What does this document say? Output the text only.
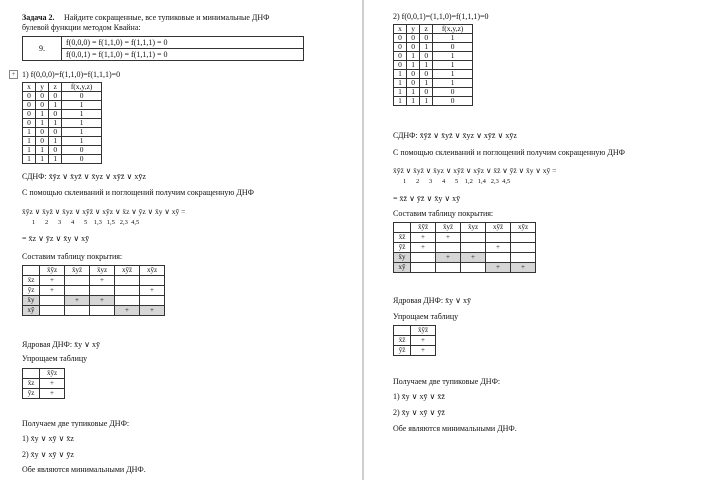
Задача 2. Найдите сокращенные, все тупиковые и минимальные ДНФ
булевой функции методом Квайна:
9.	f(0,0,0) = f(1,1,0) = f(1,1,1) = 0
f(0,0,1) = f(1,1,0) = f(1,1,1) = 0
+ 1) f(0,0,0)=f(1,1,0)=f(1,1,1)=0
x	y	z	f(x,y,z)
0	0	0	0
0	0	1	1
0	1	0	1
0	1	1	1
1	0	0	1
1	0	1	1
1	1	0	0
1	1	1	0
СДНФ: x̄ȳz ∨ x̄yz̄ ∨ x̄yz ∨ xȳz̄ ∨ xȳz
С помощью склеиваний и поглощений получим сокращенную ДНФ
x̄ȳz ∨ x̄yz̄ ∨ x̄yz ∨ xȳz̄ ∨ xȳz ∨ x̄z ∨ ȳz ∨ x̄y ∨ xȳ =
1      2      3      4      5    1,3   1,5   2,3  4,5
= x̄z ∨ ȳz ∨ x̄y ∨ xȳ
Составим таблицу покрытия:
	x̄ȳz	x̄yz̄	x̄yz	xȳz̄	xȳz
x̄z	+		+		
ȳz	+				+
x̄y		+	+		
xȳ				+	+
Ядровая ДНФ: x̄y ∨ xȳ
Упрощаем таблицу
	x̄ȳz
x̄z	+
ȳz	+
Получаем две тупиковые ДНФ:
1) x̄y ∨ xȳ ∨ x̄z
2) x̄y ∨ xȳ ∨ ȳz
Обе являются минимальными ДНФ.
2) f(0,0,1)=(1,1,0)=f(1,1,1)=0
x	y	z	f(x,y,z)
0	0	0	1
0	0	1	0
0	1	0	1
0	1	1	1
1	0	0	1
1	0	1	1
1	1	0	0
1	1	1	0
СДНФ: x̄ȳz̄ ∨ x̄yz̄ ∨ x̄yz ∨ xȳz̄ ∨ xȳz
С помощью склеиваний и поглощений получим сокращенную ДНФ
x̄ȳz̄ ∨ x̄yz̄ ∨ x̄yz ∨ xȳz̄ ∨ xȳz ∨ x̄z̄ ∨ ȳz̄ ∨ x̄y ∨ xȳ =
1      2      3      4      5    1,2   1,4   2,3  4,5
= x̄z̄ ∨ ȳz̄ ∨ x̄y ∨ xȳ
Составим таблицу покрытия:
	x̄ȳz̄	x̄yz̄	x̄yz	xȳz̄	xȳz
x̄z̄	+	+			
ȳz̄	+			+	
x̄y		+	+		
xȳ				+	+
Ядровая ДНФ: x̄y ∨ xȳ
Упрощаем таблицу
	x̄ȳz̄
x̄z̄	+
ȳz̄	+
Получаем две тупиковые ДНФ:
1) x̄y ∨ xȳ ∨ x̄z̄
2) x̄y ∨ xȳ ∨ ȳz̄
Обе являются минимальными ДНФ.
